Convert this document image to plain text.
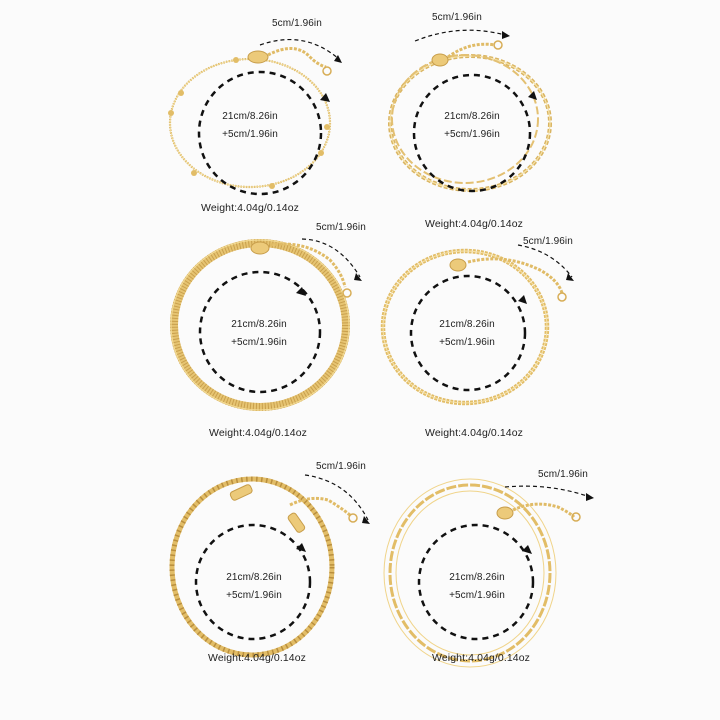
5cm/1.96in
21cm/8.26in
+5cm/1.96in
Weight:4.04g/0.14oz
5cm/1.96in
21cm/8.26in
+5cm/1.96in
Weight:4.04g/0.14oz
5cm/1.96in
21cm/8.26in
+5cm/1.96in
Weight:4.04g/0.14oz
5cm/1.96in
21cm/8.26in
+5cm/1.96in
Weight:4.04g/0.14oz
5cm/1.96in
21cm/8.26in
+5cm/1.96in
Weight:4.04g/0.14oz
5cm/1.96in
21cm/8.26in
+5cm/1.96in
Weight:4.04g/0.14oz
